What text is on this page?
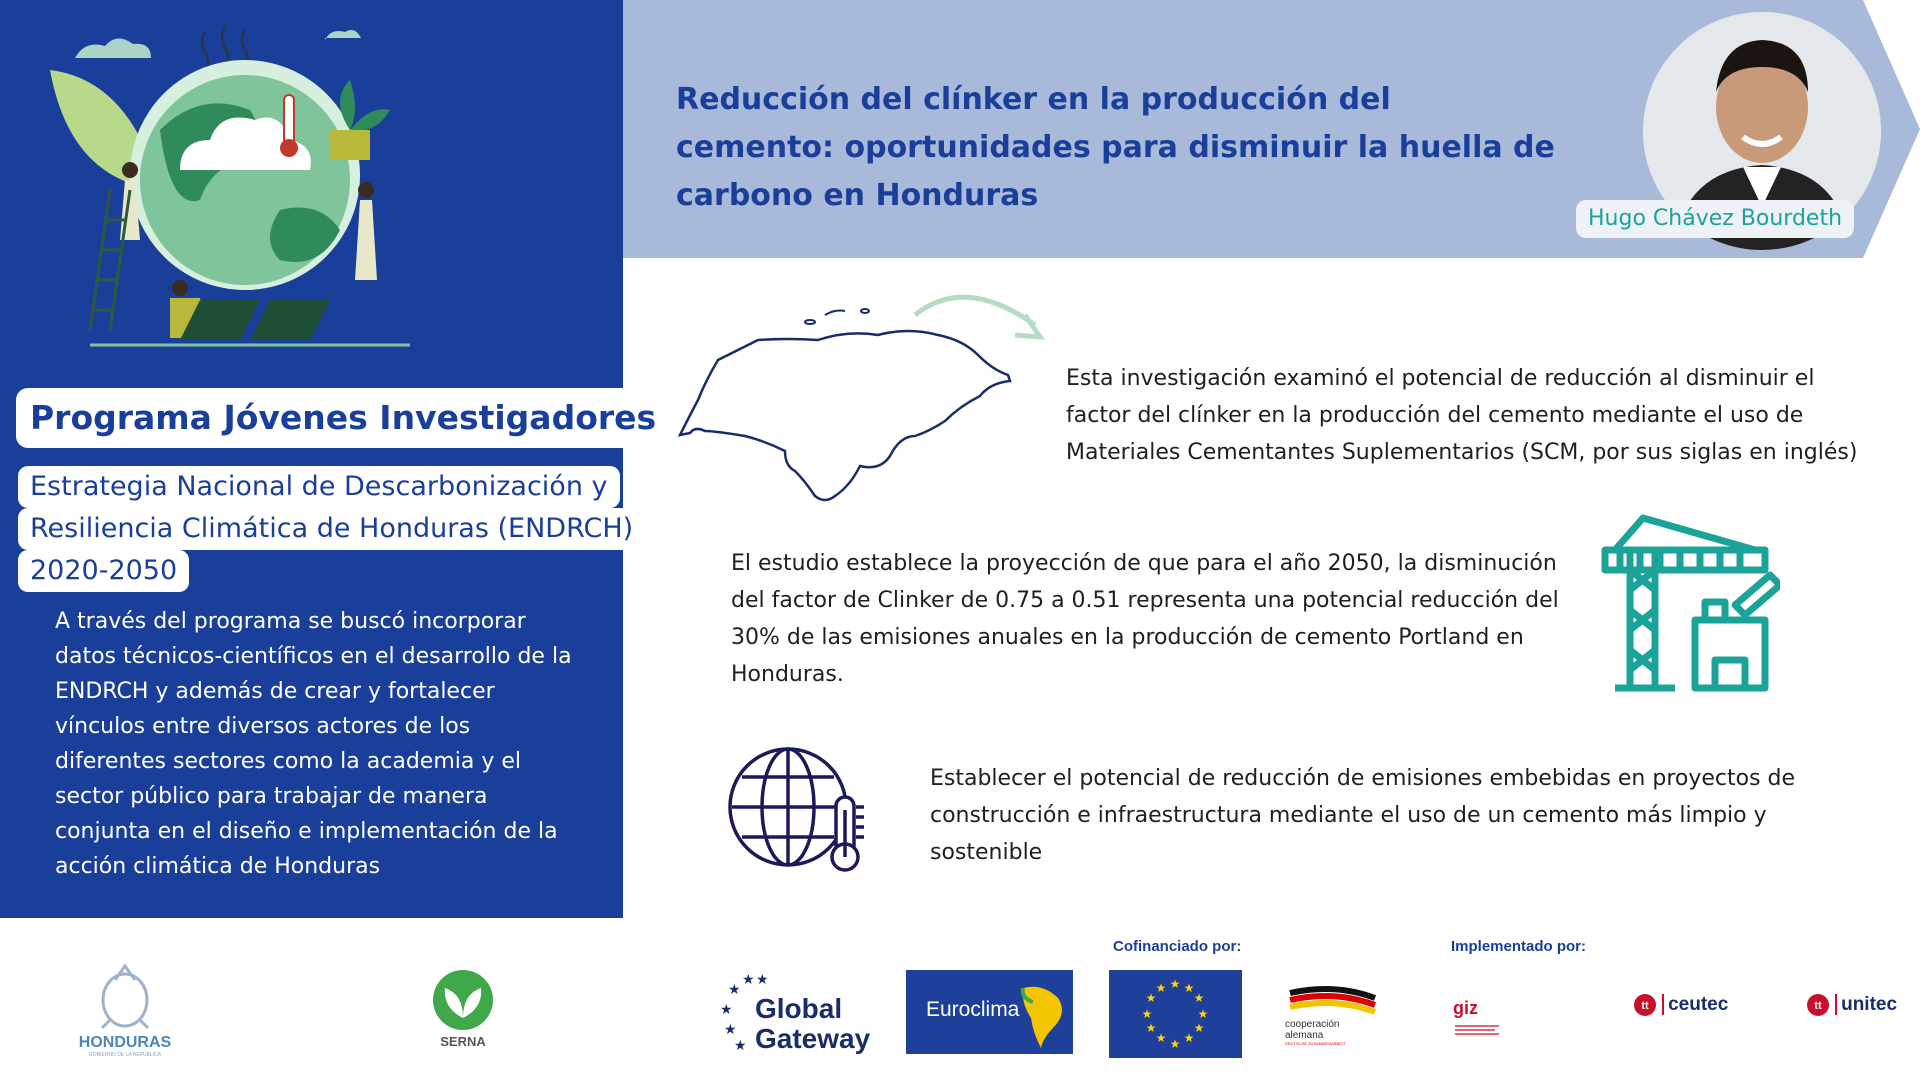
Programa Jóvenes Investigadores
Estrategia Nacional de Descarbonización y
Resiliencia Climática de Honduras (ENDRCH)
2020-2050
A través del programa se buscó incorporar datos técnicos-científicos en el desarrollo de la ENDRCH y además de crear y fortalecer vínculos entre diversos actores de los diferentes sectores como la academia y el sector público para trabajar de manera conjunta en el diseño e implementación de la acción climática de Honduras
Reducción del clínker en la producción del cemento: oportunidades para disminuir la huella de carbono en Honduras
Hugo Chávez Bourdeth
Esta investigación examinó el potencial de reducción al disminuir el factor del clínker en la producción del cemento mediante el uso de Materiales Cementantes Suplementarios (SCM, por sus siglas en inglés)
El estudio establece la proyección de que para el año 2050, la disminución del factor de Clinker de 0.75 a 0.51 representa una potencial reducción del 30% de las emisiones anuales en la producción de cemento Portland en Honduras.
Establecer el potencial de reducción de emisiones embebidas en proyectos de construcción e infraestructura mediante el uso de un cemento más limpio y sostenible
Cofinanciado por:	Implementado por:
HONDURAS
GOBIERNO DE LA REPÚBLICA
SERNA
★
★
★
★
★
★
Global
Gateway
Euroclima
★ ★
★
★
★
★
★
★
★
★
★
★
cooperación
alemana
DEUTSCHE ZUSAMMENARBEIT
giz	tt ceutec	tt unitec
